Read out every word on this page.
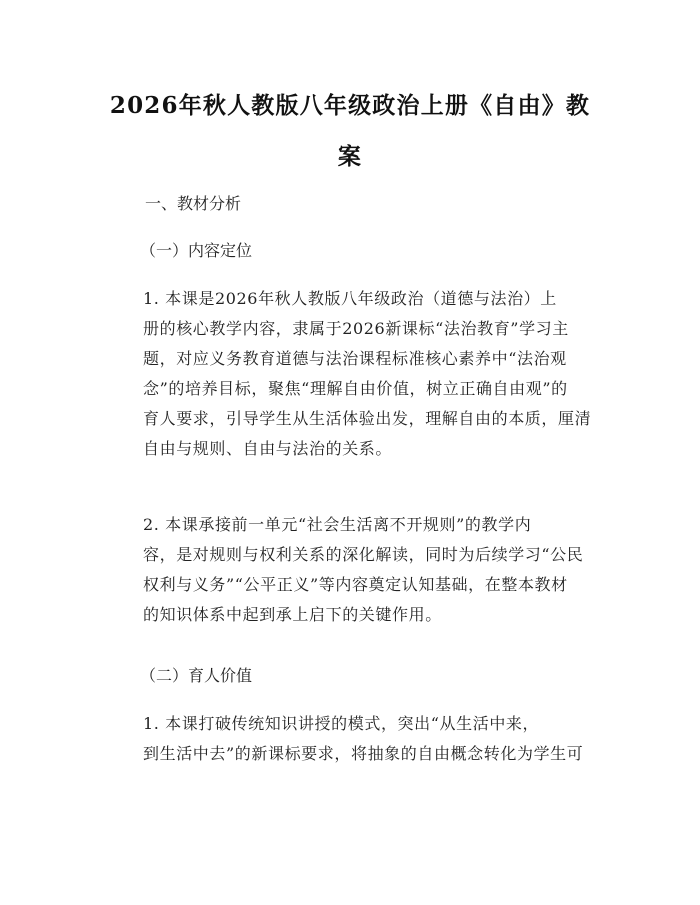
2026年秋人教版八年级政治上册《自由》教案
一、教材分析
（一）内容定位

1. 本课是2026年秋人教版八年级政治（道德与法治）上
册的核心教学内容，隶属于2026新课标“法治教育”学习主
题，对应义务教育道德与法治课程标准核心素养中“法治观
念”的培养目标，聚焦“理解自由价值，树立正确自由观”的
育人要求，引导学生从生活体验出发，理解自由的本质，厘清
自由与规则、自由与法治的关系。

2. 本课承接前一单元“社会生活离不开规则”的教学内
容，是对规则与权利关系的深化解读，同时为后续学习“公民
权利与义务”“公平正义”等内容奠定认知基础，在整本教材
的知识体系中起到承上启下的关键作用。

（二）育人价值

1. 本课打破传统知识讲授的模式，突出“从生活中来，
到生活中去”的新课标要求，将抽象的自由概念转化为学生可
